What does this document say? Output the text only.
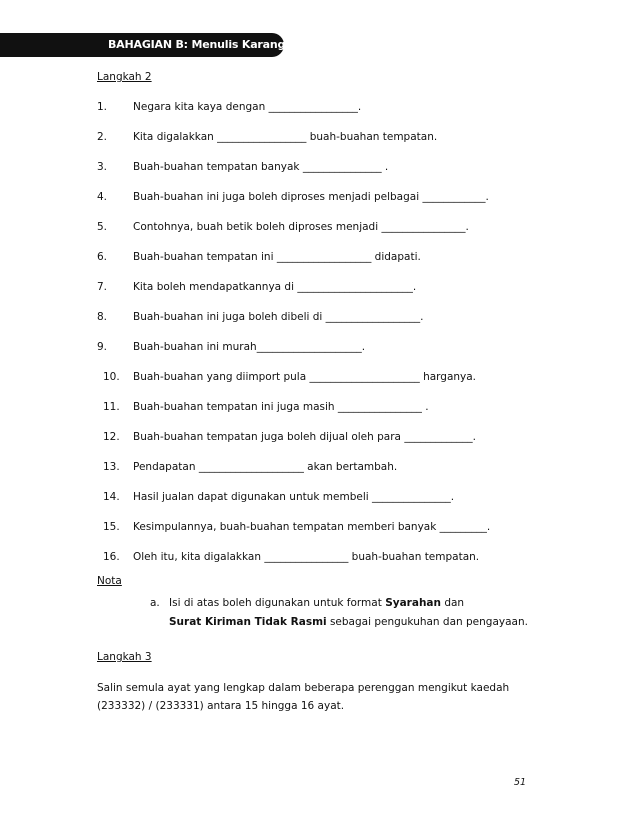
BAHAGIAN B: Menulis Karangan
Langkah 2
1. Negara kita kaya dengan _________________.
2. Kita digalakkan _________________ buah-buahan tempatan.
3. Buah-buahan tempatan banyak _______________ .
4. Buah-buahan ini juga boleh diproses menjadi pelbagai ____________.
5. Contohnya, buah betik boleh diproses menjadi ________________.
6. Buah-buahan tempatan ini __________________ didapati.
7. Kita boleh mendapatkannya di ______________________.
8. Buah-buahan ini juga boleh dibeli di __________________.
9. Buah-buahan ini murah____________________.
10. Buah-buahan yang diimport pula _____________________ harganya.
11. Buah-buahan tempatan ini juga masih ________________ .
12. Buah-buahan tempatan juga boleh dijual oleh para _____________.
13. Pendapatan ____________________ akan bertambah.
14. Hasil jualan dapat digunakan untuk membeli _______________.
15. Kesimpulannya, buah-buahan tempatan memberi banyak _________.
16. Oleh itu, kita digalakkan ________________ buah-buahan tempatan.
Nota
a. Isi di atas boleh digunakan untuk format Syarahan dan
Surat Kiriman Tidak Rasmi sebagai pengukuhan dan pengayaan.
Langkah 3
Salin semula ayat yang lengkap dalam beberapa perenggan mengikut kaedah
(233332) / (233331) antara 15 hingga 16 ayat.
51
